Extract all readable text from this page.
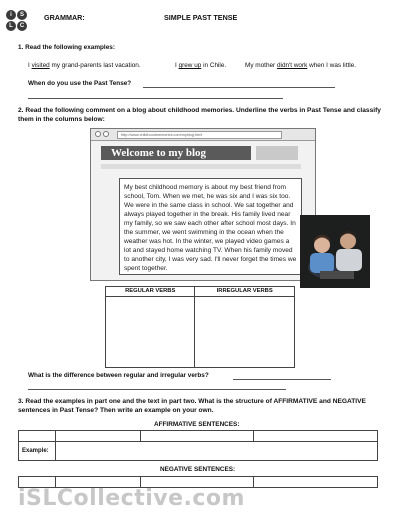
i	S
L	C
GRAMMAR:	SIMPLE PAST TENSE
1. Read the following examples:
I visited my grand-parents last vacation.	I grew up in Chile.	My mother didn't work when I was little.
When do you use the Past Tense?
2. Read the following comment on a blog about childhood memories. Underline the verbs in Past Tense and classify them in the columns below:
http://www.childhoodmemories.com/myblog.html
Welcome to my blog

My best childhood memory is about my best friend from school, Tom. When we met, he was six and I was six too. We were in the same class in school. We sat together and always played together in the break. His family lived near my family, so we saw each other after school most days. In the summer, we went swimming in the ocean when the weather was hot. In the winter, we played video games a lot and stayed home watching TV. When his family moved to another city, I was very sad. I'll never forget the times we spent together.

REGULAR VERBS	IRREGULAR VERBS

What is the difference between regular and irregular verbs?
3. Read the examples in part one and the text in part two. What is the structure of AFFIRMATIVE and NEGATIVE sentences in Past Tense? Then write an example on your own.
AFFIRMATIVE SENTENCES:

Example:			
NEGATIVE SENTENCES:

iSLCollective.com
